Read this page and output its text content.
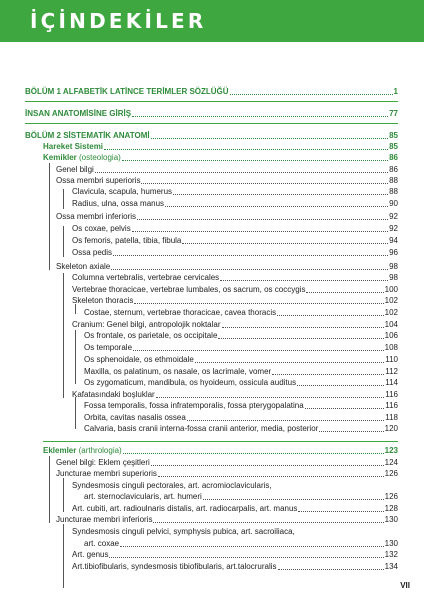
İÇİNDEKİLER
BÖLÜM 1 ALFABETİK LATİNCE TERİMLER SÖZLÜĞÜ	1
İNSAN ANATOMİSİNE GİRİŞ	77
BÖLÜM 2 SİSTEMATİK ANATOMİ	85
Hareket Sistemi	85
Kemikler (osteologia)	86
Genel bilgi	86
Ossa membri superioris	88
Clavicula, scapula, humerus	88
Radius, ulna, ossa manus	90
Ossa membri inferioris	92
Os coxae, pelvis	92
Os femoris, patella, tibia, fibula	94
Ossa pedis	96
Skeleton axiale	98
Columna vertebralis, vertebrae cervicales	98
Vertebrae thoracicae, vertebrae lumbales, os sacrum, os coccygis	100
Skeleton thoracis	102
Costae, sternum, vertebrae thoracicae, cavea thoracis	102
Cranium: Genel bilgi, antropolojik noktalar	104
Os frontale, os parietale, os occipitale	106
Os temporale	108
Os sphenoidale, os ethmoidale	110
Maxilla, os palatinum, os nasale, os lacrimale, vomer	112
Os zygomaticum, mandibula, os hyoideum, ossicula auditus	114
Kafatasındaki boşluklar	116
Fossa temporalis, fossa infratemporalis, fossa pterygopalatina	116
Orbita, cavitas nasalis ossea	118
Calvaria, basis cranii interna-fossa cranii anterior, media, posterior	120
Eklemler (arthrologia)	123
Genel bilgi: Eklem çeşitleri	124
Juncturae membri superioris	126
Syndesmosis cinguli pectorales, art. acromioclavicularis,
art. sternoclavicularis, art. humeri	126
Art. cubiti, art. radioulnaris distalis, art. radiocarpalis, art. manus	128
Juncturae membri inferioris	130
Syndesmosis cinguli pelvici, symphysis pubica, art. sacroiliaca,
art. coxae	130
Art. genus	132
Art.tibiofibularis, syndesmosis tibiofibularis, art.talocruralis	134
VII
